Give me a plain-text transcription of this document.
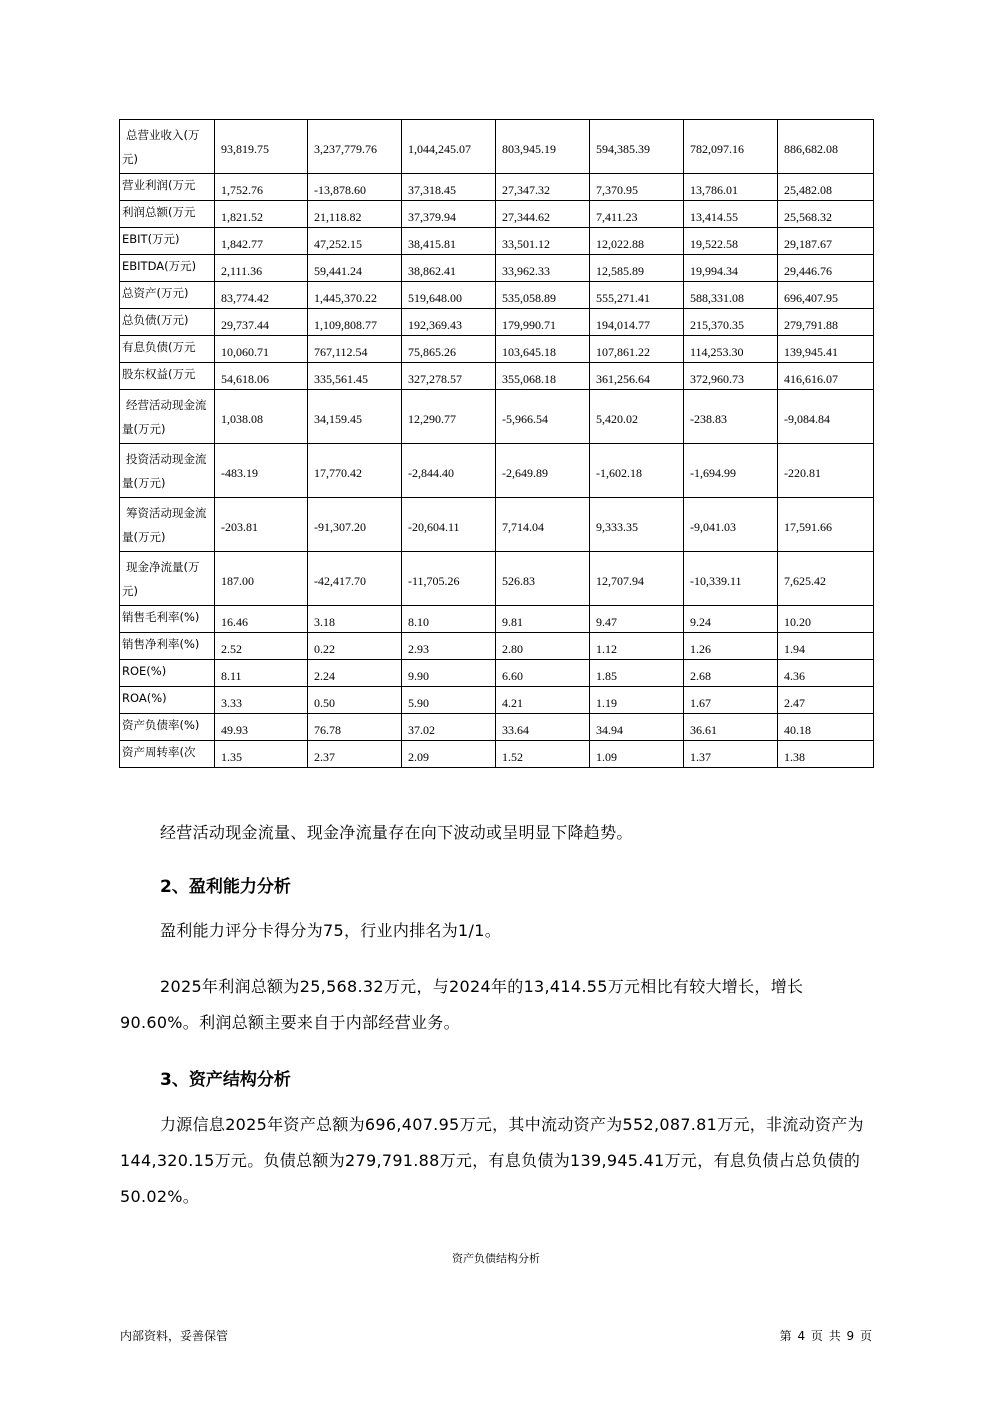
总营业收入(万元)	93,819.75	3,237,779.76	1,044,245.07	803,945.19	594,385.39	782,097.16	886,682.08
营业利润(万元	1,752.76	-13,878.60	37,318.45	27,347.32	7,370.95	13,786.01	25,482.08
利润总额(万元	1,821.52	21,118.82	37,379.94	27,344.62	7,411.23	13,414.55	25,568.32
EBIT(万元)	1,842.77	47,252.15	38,415.81	33,501.12	12,022.88	19,522.58	29,187.67
EBITDA(万元)	2,111.36	59,441.24	38,862.41	33,962.33	12,585.89	19,994.34	29,446.76
总资产(万元)	83,774.42	1,445,370.22	519,648.00	535,058.89	555,271.41	588,331.08	696,407.95
总负债(万元)	29,737.44	1,109,808.77	192,369.43	179,990.71	194,014.77	215,370.35	279,791.88
有息负债(万元	10,060.71	767,112.54	75,865.26	103,645.18	107,861.22	114,253.30	139,945.41
股东权益(万元	54,618.06	335,561.45	327,278.57	355,068.18	361,256.64	372,960.73	416,616.07
经营活动现金流量(万元)	1,038.08	34,159.45	12,290.77	-5,966.54	5,420.02	-238.83	-9,084.84
投资活动现金流量(万元)	-483.19	17,770.42	-2,844.40	-2,649.89	-1,602.18	-1,694.99	-220.81
筹资活动现金流量(万元)	-203.81	-91,307.20	-20,604.11	7,714.04	9,333.35	-9,041.03	17,591.66
现金净流量(万元)	187.00	-42,417.70	-11,705.26	526.83	12,707.94	-10,339.11	7,625.42
销售毛利率(%)	16.46	3.18	8.10	9.81	9.47	9.24	10.20
销售净利率(%)	2.52	0.22	2.93	2.80	1.12	1.26	1.94
ROE(%)	8.11	2.24	9.90	6.60	1.85	2.68	4.36
ROA(%)	3.33	0.50	5.90	4.21	1.19	1.67	2.47
资产负债率(%)	49.93	76.78	37.02	33.64	34.94	36.61	40.18
资产周转率(次	1.35	2.37	2.09	1.52	1.09	1.37	1.38
经营活动现金流量、现金净流量存在向下波动或呈明显下降趋势。
2、盈利能力分析
盈利能力评分卡得分为75，行业内排名为1/1。
2025年利润总额为25,568.32万元，与2024年的13,414.55万元相比有较大增长，增长90.60%。利润总额主要来自于内部经营业务。
3、资产结构分析
力源信息2025年资产总额为696,407.95万元，其中流动资产为552,087.81万元，非流动资产为144,320.15万元。负债总额为279,791.88万元，有息负债为139,945.41万元，有息负债占总负债的50.02%。
资产负债结构分析
内部资料，妥善保管	第 4 页 共 9 页
